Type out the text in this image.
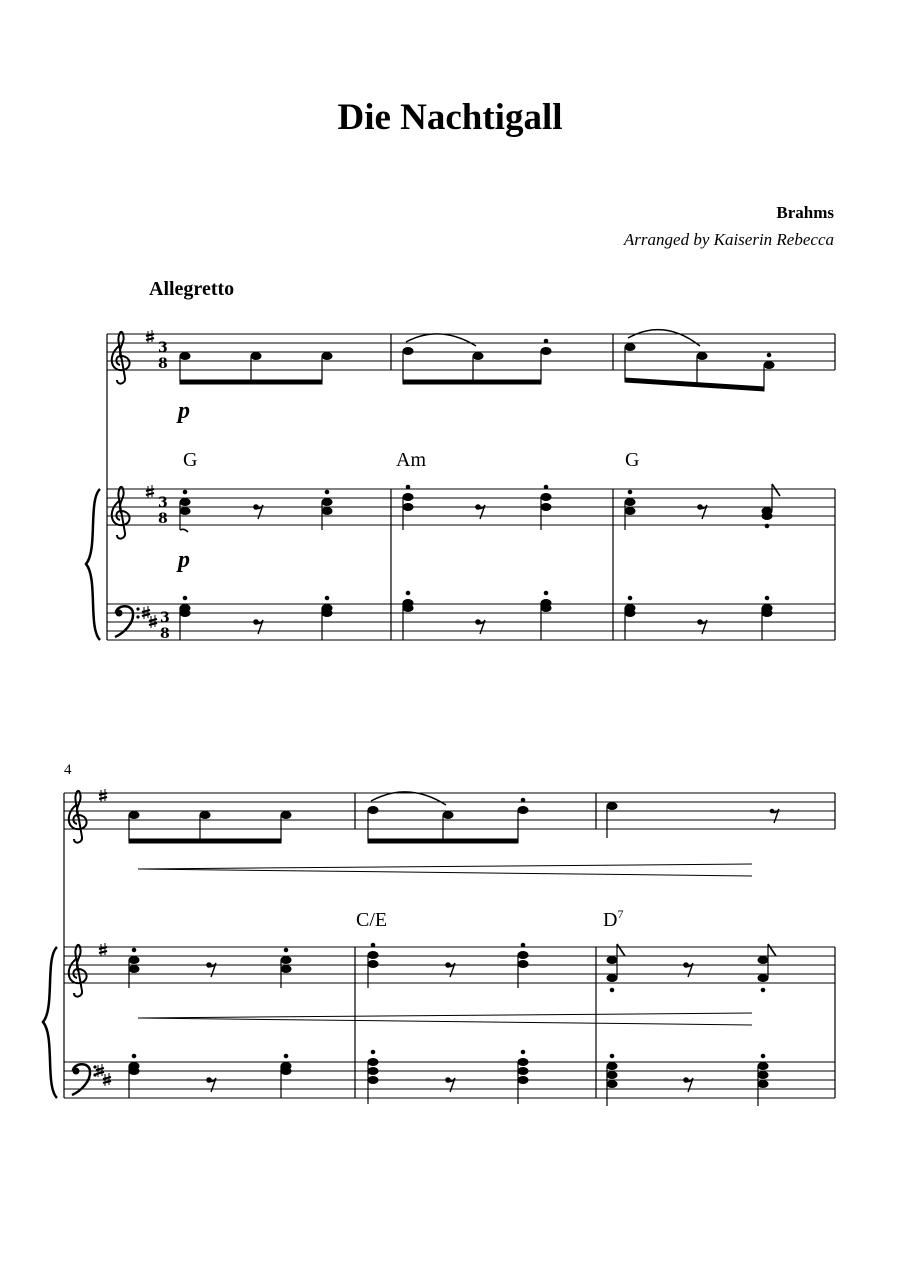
Die Nachtigall
Brahms
Arranged by Kaiserin Rebecca
Allegretto
p
G	Am	G
p
4
C/E	$D^7$
3
8
3
8
3
8
